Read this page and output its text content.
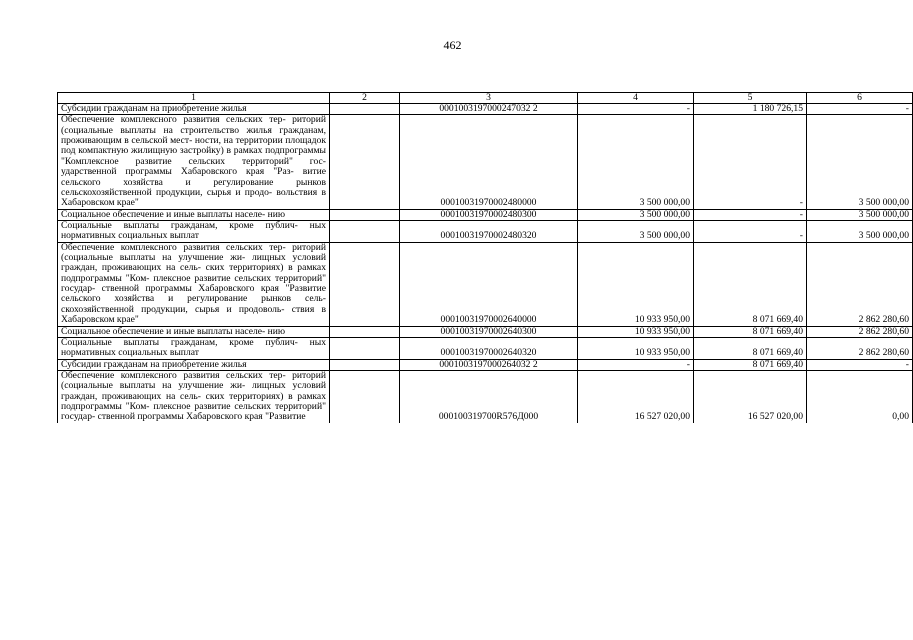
462
1	2	3	4	5	6
Субсидии гражданам на приобретение жилья		0001003197000247032 2	-	1 180 726,15	-
Обеспечение комплексного развития сельских тер- риторий (социальные выплаты на строительство жилья гражданам, проживающим в сельской мест- ности, на территории площадок под компактную жилищную застройку) в рамках подпрограммы "Комплексное развитие сельских территорий" гос- ударственной программы Хабаровского края "Раз- витие сельского хозяйства и регулирование рынков сельскохозяйственной продукции, сырья и продо- вольствия в Хабаровском крае"		00010031970002480000	3 500 000,00	-	3 500 000,00
Социальное обеспечение и иные выплаты населе- нию		00010031970002480300	3 500 000,00	-	3 500 000,00
Социальные выплаты гражданам, кроме публич- ных нормативных социальных выплат		00010031970002480320	3 500 000,00	-	3 500 000,00
Обеспечение комплексного развития сельских тер- риторий (социальные выплаты на улучшение жи- лищных условий граждан, проживающих на сель- ских территориях) в рамках подпрограммы "Ком- плексное развитие сельских территорий" государ- ственной программы Хабаровского края "Развитие сельского хозяйства и регулирование рынков сель- скохозяйственной продукции, сырья и продоволь- ствия в Хабаровском крае"		00010031970002640000	10 933 950,00	8 071 669,40	2 862 280,60
Социальное обеспечение и иные выплаты населе- нию		00010031970002640300	10 933 950,00	8 071 669,40	2 862 280,60
Социальные выплаты гражданам, кроме публич- ных нормативных социальных выплат		00010031970002640320	10 933 950,00	8 071 669,40	2 862 280,60
Субсидии гражданам на приобретение жилья		0001003197000264032 2	-	8 071 669,40	-
Обеспечение комплексного развития сельских тер- риторий (социальные выплаты на улучшение жи- лищных условий граждан, проживающих на сель- ских территориях) в рамках подпрограммы "Ком- плексное развитие сельских территорий" государ- ственной программы Хабаровского края "Развитие		000100319700R576Д000	16 527 020,00	16 527 020,00	0,00
